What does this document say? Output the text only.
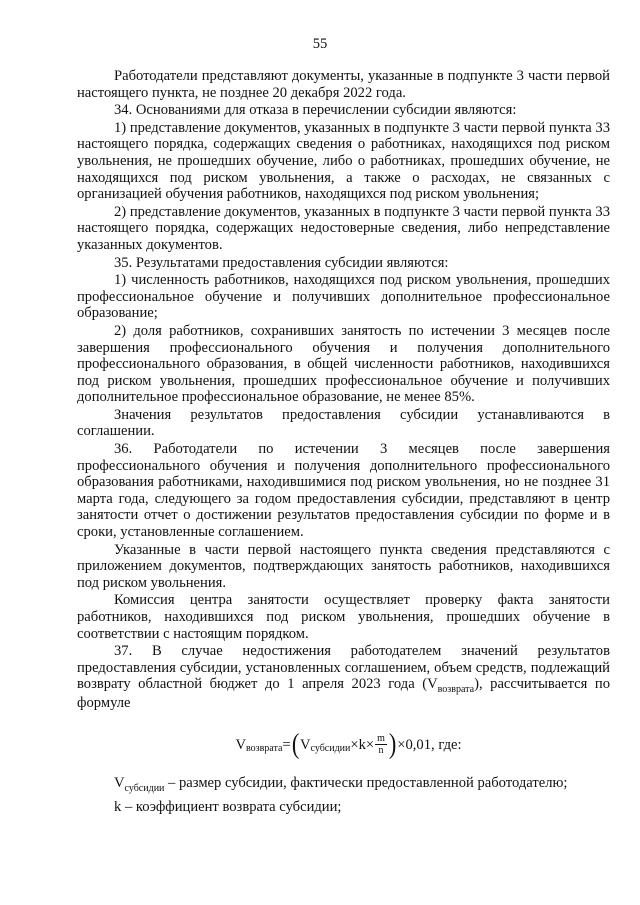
55

Работодатели представляют документы, указанные в подпункте 3 части первой настоящего пункта, не позднее 20 декабря 2022 года.

34. Основаниями для отказа в перечислении субсидии являются:

1) представление документов, указанных в подпункте 3 части первой пункта 33 настоящего порядка, содержащих сведения о работниках, находящихся под риском увольнения, не прошедших обучение, либо о работниках, прошедших обучение, не находящихся под риском увольнения, а также о расходах, не связанных с организацией обучения работников, находящихся под риском увольнения;

2) представление документов, указанных в подпункте 3 части первой пункта 33 настоящего порядка, содержащих недостоверные сведения, либо непредставление указанных документов.

35. Результатами предоставления субсидии являются:

1) численность работников, находящихся под риском увольнения, прошедших профессиональное обучение и получивших дополнительное профессиональное образование;

2) доля работников, сохранивших занятость по истечении 3 месяцев после завершения профессионального обучения и получения дополнительного профессионального образования, в общей численности работников, находившихся под риском увольнения, прошедших профессиональное обучение и получивших дополнительное профессиональное образование, не менее 85%.

Значения результатов предоставления субсидии устанавливаются в соглашении.

36. Работодатели по истечении 3 месяцев после завершения профессионального обучения и получения дополнительного профессионального образования работниками, находившимися под риском увольнения, но не позднее 31 марта года, следующего за годом предоставления субсидии, представляют в центр занятости отчет о достижении результатов предоставления субсидии по форме и в сроки, установленные соглашением.

Указанные в части первой настоящего пункта сведения представляются с приложением документов, подтверждающих занятость работников, находившихся под риском увольнения.

Комиссия центра занятости осуществляет проверку факта занятости работников, находившихся под риском увольнения, прошедших обучение в соответствии с настоящим порядком.

37. В случае недостижения работодателем значений результатов предоставления субсидии, установленных соглашением, объем средств, подлежащий возврату областной бюджет до 1 апреля 2023 года $(V_{возврата})$, рассчитывается по формуле

V возврата = ( V субсидии $\times k\times \frac{m}{n}$ ) ×0,01, где:

$V_{субсидии}$ – размер субсидии, фактически предоставленной работодателю;

k – коэффициент возврата субсидии;
